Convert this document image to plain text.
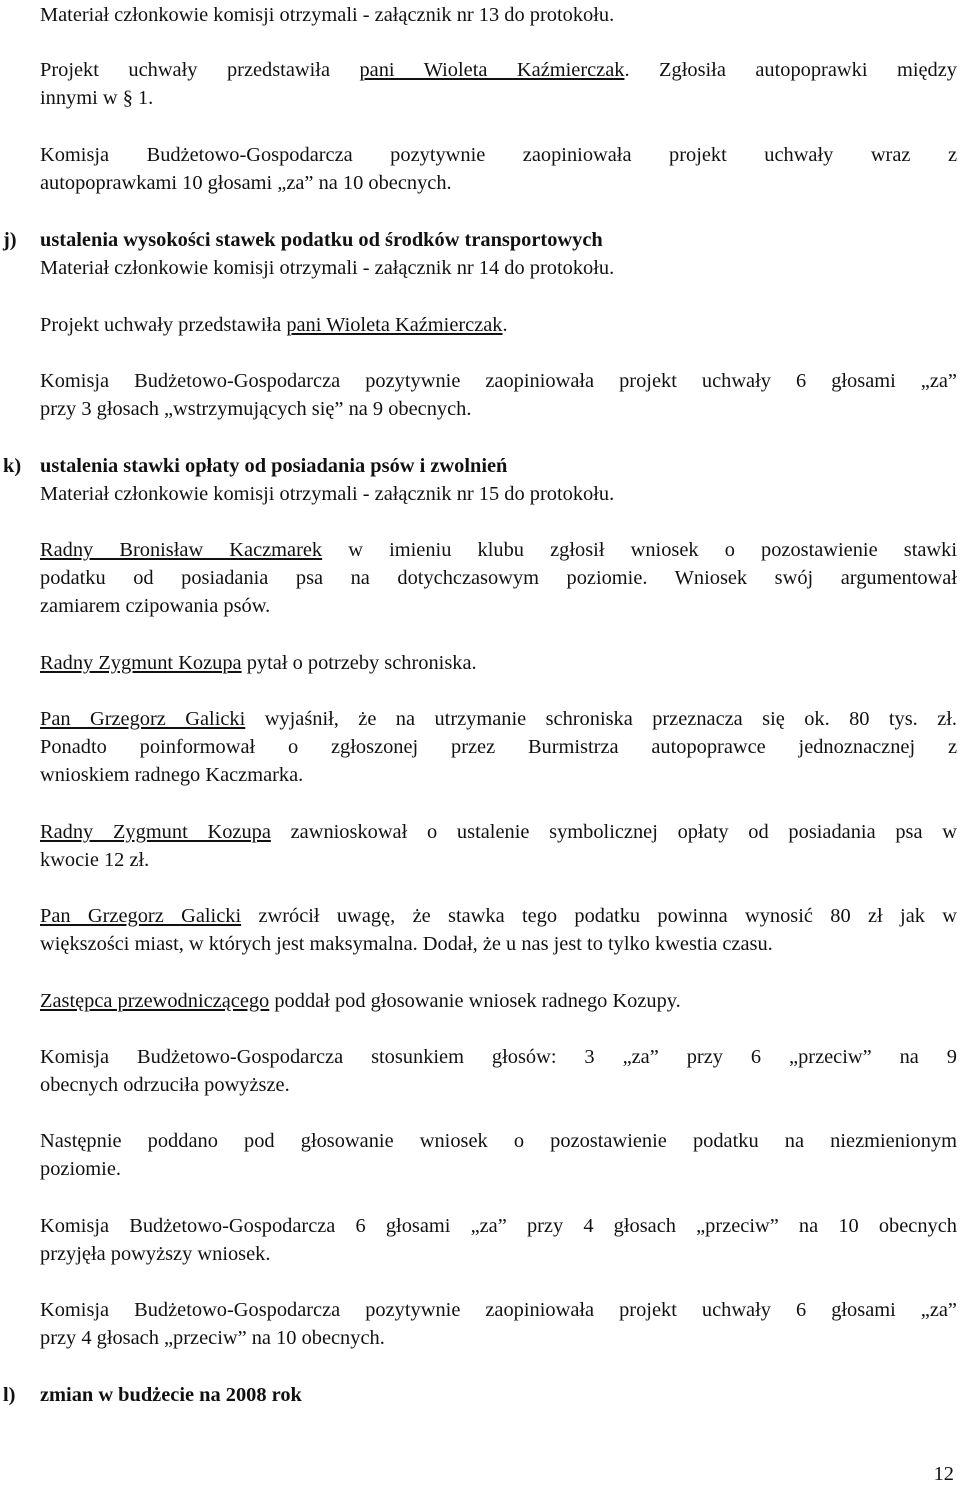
Materiał członkowie komisji otrzymali - załącznik nr 13 do protokołu.

Projekt uchwały przedstawiła pani Wioleta Kaźmierczak. Zgłosiła autopoprawki między
innymi w § 1.

Komisja Budżetowo-Gospodarcza pozytywnie zaopiniowała projekt uchwały wraz z
autopoprawkami 10 głosami „za” na 10 obecnych.

j) ustalenia wysokości stawek podatku od środków transportowych

Materiał członkowie komisji otrzymali - załącznik nr 14 do protokołu.

Projekt uchwały przedstawiła pani Wioleta Kaźmierczak.

Komisja Budżetowo-Gospodarcza pozytywnie zaopiniowała projekt uchwały 6 głosami „za”
przy 3 głosach „wstrzymujących się” na 9 obecnych.

k) ustalenia stawki opłaty od posiadania psów i zwolnień

Materiał członkowie komisji otrzymali - załącznik nr 15 do protokołu.

Radny Bronisław Kaczmarek w imieniu klubu zgłosił wniosek o pozostawienie stawki
podatku od posiadania psa na dotychczasowym poziomie. Wniosek swój argumentował
zamiarem czipowania psów.

Radny Zygmunt Kozupa pytał o potrzeby schroniska.

Pan Grzegorz Galicki wyjaśnił, że na utrzymanie schroniska przeznacza się ok. 80 tys. zł.
Ponadto poinformował o zgłoszonej przez Burmistrza autopoprawce jednoznacznej z
wnioskiem radnego Kaczmarka.

Radny Zygmunt Kozupa zawnioskował o ustalenie symbolicznej opłaty od posiadania psa w
kwocie 12 zł.

Pan Grzegorz Galicki zwrócił uwagę, że stawka tego podatku powinna wynosić 80 zł jak w
większości miast, w których jest maksymalna. Dodał, że u nas jest to tylko kwestia czasu.

Zastępca przewodniczącego poddał pod głosowanie wniosek radnego Kozupy.

Komisja Budżetowo-Gospodarcza stosunkiem głosów: 3 „za” przy 6 „przeciw” na 9
obecnych odrzuciła powyższe.

Następnie poddano pod głosowanie wniosek o pozostawienie podatku na niezmienionym
poziomie.

Komisja Budżetowo-Gospodarcza 6 głosami „za” przy 4 głosach „przeciw” na 10 obecnych
przyjęła powyższy wniosek.

Komisja Budżetowo-Gospodarcza pozytywnie zaopiniowała projekt uchwały 6 głosami „za”
przy 4 głosach „przeciw” na 10 obecnych.

l) zmian w budżecie na 2008 rok
12
